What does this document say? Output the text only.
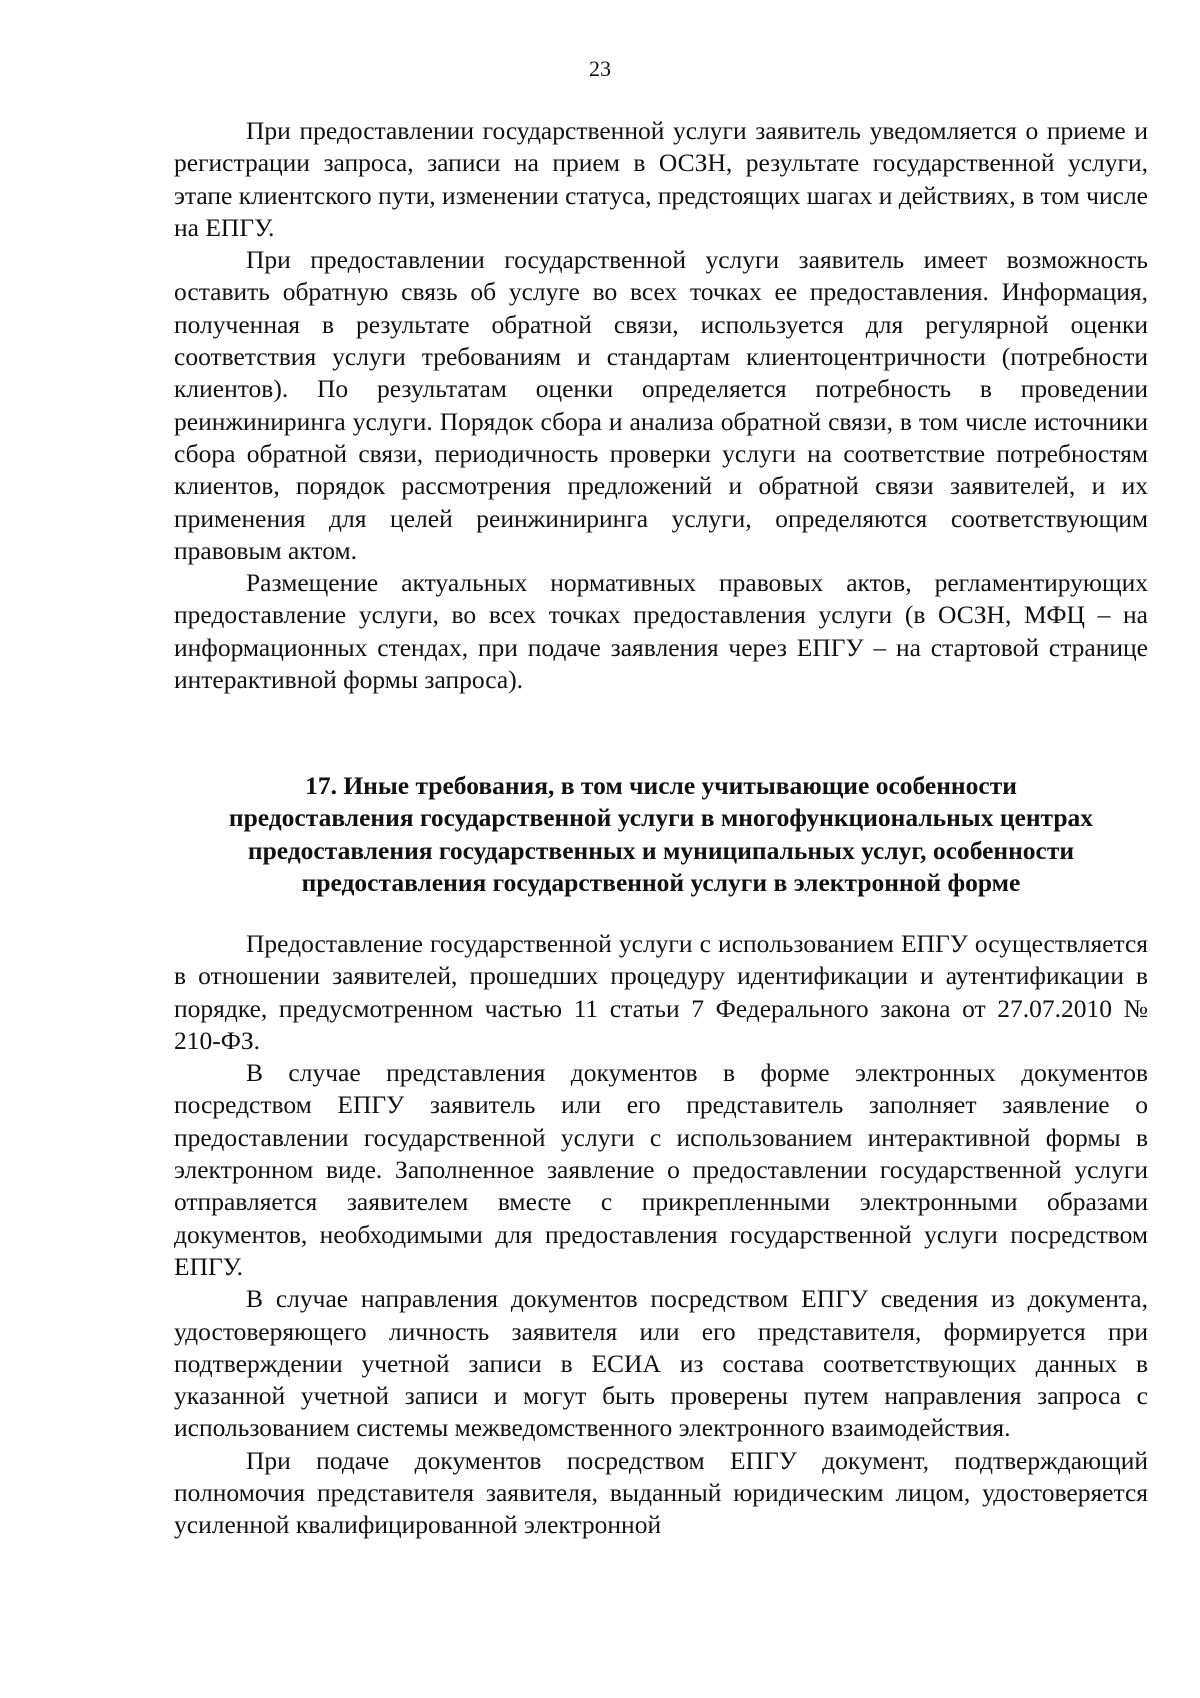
23

При предоставлении государственной услуги заявитель уведомляется о приеме и регистрации запроса, записи на прием в ОСЗН, результате государственной услуги, этапе клиентского пути, изменении статуса, предстоящих шагах и действиях, в том числе на ЕПГУ.

При предоставлении государственной услуги заявитель имеет возможность оставить обратную связь об услуге во всех точках ее предоставления. Информация, полученная в результате обратной связи, используется для регулярной оценки соответствия услуги требованиям и стандартам клиентоцентричности (потребности клиентов). По результатам оценки определяется потребность в проведении реинжиниринга услуги. Порядок сбора и анализа обратной связи, в том числе источники сбора обратной связи, периодичность проверки услуги на соответствие потребностям клиентов, порядок рассмотрения предложений и обратной связи заявителей, и их применения для целей реинжиниринга услуги, определяются соответствующим правовым актом.

Размещение актуальных нормативных правовых актов, регламентирующих предоставление услуги, во всех точках предоставления услуги (в ОСЗН, МФЦ – на информационных стендах, при подаче заявления через ЕПГУ – на стартовой странице интерактивной формы запроса).

17. Иные требования, в том числе учитывающие особенности
предоставления государственной услуги в многофункциональных центрах
предоставления государственных и муниципальных услуг, особенности
предоставления государственной услуги в электронной форме

Предоставление государственной услуги с использованием ЕПГУ осуществляется в отношении заявителей, прошедших процедуру идентификации и аутентификации в порядке, предусмотренном частью 11 статьи 7 Федерального закона от 27.07.2010 № 210-ФЗ.

В случае представления документов в форме электронных документов посредством ЕПГУ заявитель или его представитель заполняет заявление о предоставлении государственной услуги с использованием интерактивной формы в электронном виде. Заполненное заявление о предоставлении государственной услуги отправляется заявителем вместе с прикрепленными электронными образами документов, необходимыми для предоставления государственной услуги посредством ЕПГУ.

В случае направления документов посредством ЕПГУ сведения из документа, удостоверяющего личность заявителя или его представителя, формируется при подтверждении учетной записи в ЕСИА из состава соответствующих данных в указанной учетной записи и могут быть проверены путем направления запроса с использованием системы межведомственного электронного взаимодействия.

При подаче документов посредством ЕПГУ документ, подтверждающий полномочия представителя заявителя, выданный юридическим лицом, удостоверяется усиленной квалифицированной электронной
